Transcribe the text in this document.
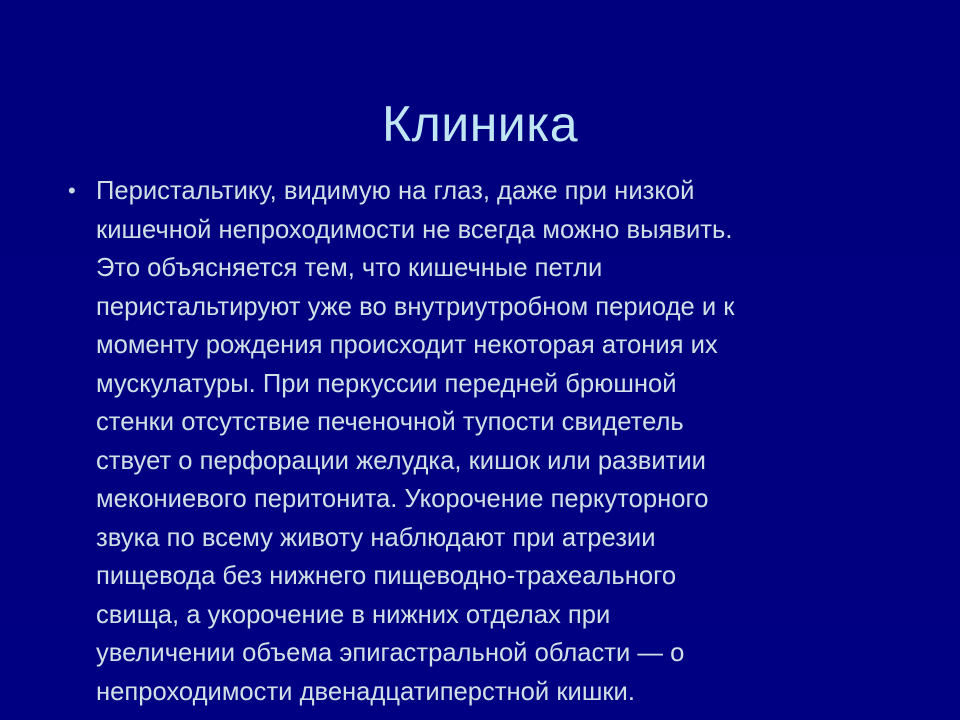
Клиника
• Перистальтику, видимую на глаз, даже при низкой
кишечной непроходимости не всегда можно выявить.
Это объясняется тем, что кишечные петли
перистальтируют уже во внутриутробном периоде и к
моменту рождения происходит некоторая атония их
мускулатуры. При перкуссии передней брюшной
стенки отсутствие печеночной тупости свидетель
ствует о перфорации желудка, кишок или развитии
мекониевого перитонита. Укорочение перкуторного
звука по всему животу наблюдают при атрезии
пищевода без нижнего пищеводно-трахеального
свища, а укорочение в нижних отделах при
увеличении объема эпигастральной области — о
непроходимости двенадцатиперстной кишки.
